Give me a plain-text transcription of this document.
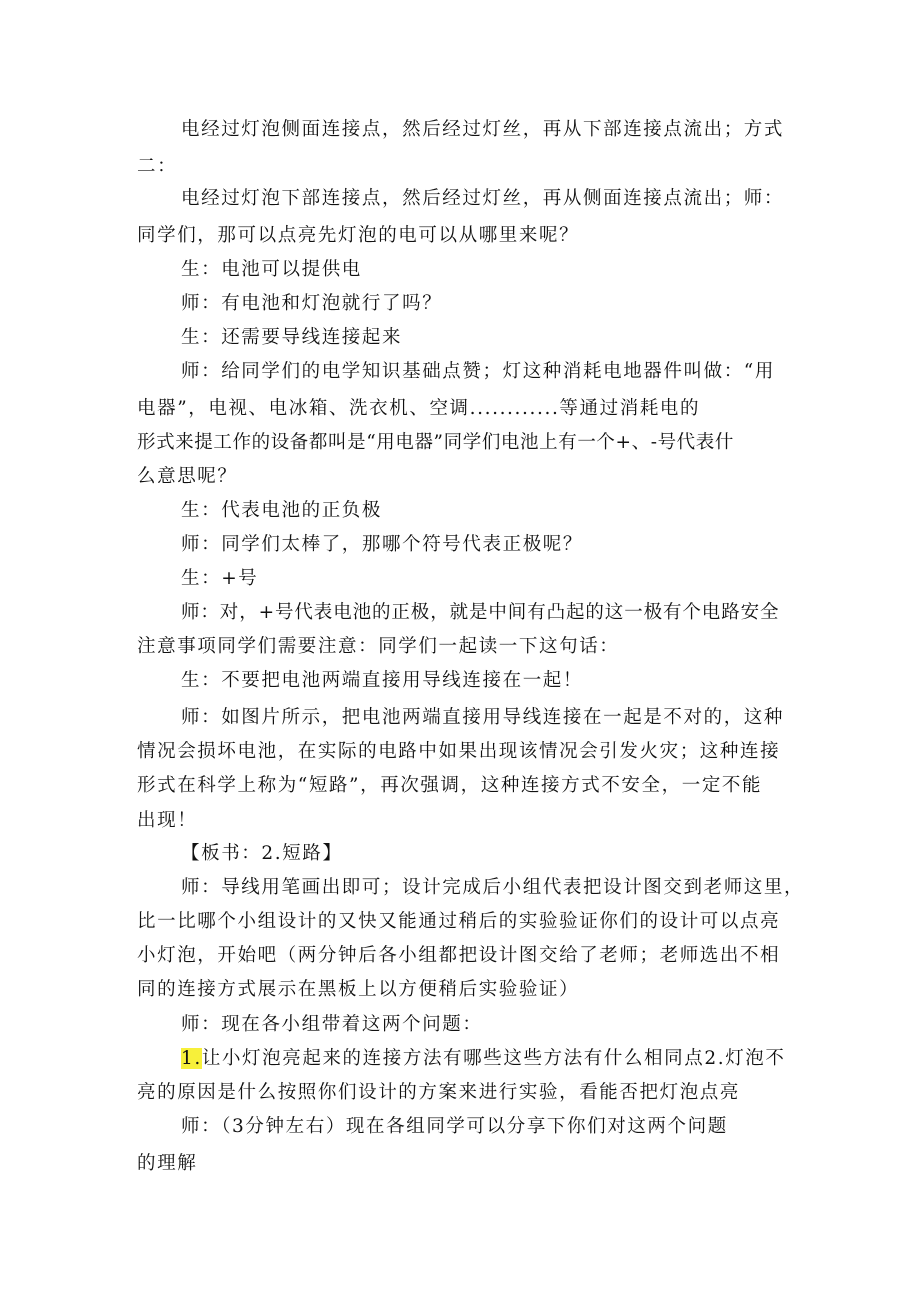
电经过灯泡侧面连接点，然后经过灯丝，再从下部连接点流出；方式

二：

电经过灯泡下部连接点，然后经过灯丝，再从侧面连接点流出；师：

同学们，那可以点亮先灯泡的电可以从哪里来呢？

生：电池可以提供电

师：有电池和灯泡就行了吗？

生：还需要导线连接起来

师：给同学们的电学知识基础点赞；灯这种消耗电地器件叫做：“用

电器”，电视、电冰箱、洗衣机、空调............等通过消耗电的

形式来提工作的设备都叫是“用电器”同学们电池上有一个+、-号代表什

么意思呢？

生：代表电池的正负极

师：同学们太棒了，那哪个符号代表正极呢？

生：+号

师：对，+号代表电池的正极，就是中间有凸起的这一极有个电路安全

注意事项同学们需要注意：同学们一起读一下这句话：

生：不要把电池两端直接用导线连接在一起！

师：如图片所示，把电池两端直接用导线连接在一起是不对的，这种

情况会损坏电池，在实际的电路中如果出现该情况会引发火灾；这种连接

形式在科学上称为“短路”，再次强调，这种连接方式不安全，一定不能

出现！

【板书：2.短路】

师：导线用笔画出即可；设计完成后小组代表把设计图交到老师这里，

比一比哪个小组设计的又快又能通过稍后的实验验证你们的设计可以点亮

小灯泡，开始吧（两分钟后各小组都把设计图交给了老师；老师选出不相

同的连接方式展示在黑板上以方便稍后实验验证）

师：现在各小组带着这两个问题：

1.让小灯泡亮起来的连接方法有哪些这些方法有什么相同点2.灯泡不

亮的原因是什么按照你们设计的方案来进行实验，看能否把灯泡点亮

师：（3分钟左右）现在各组同学可以分享下你们对这两个问题

的理解
